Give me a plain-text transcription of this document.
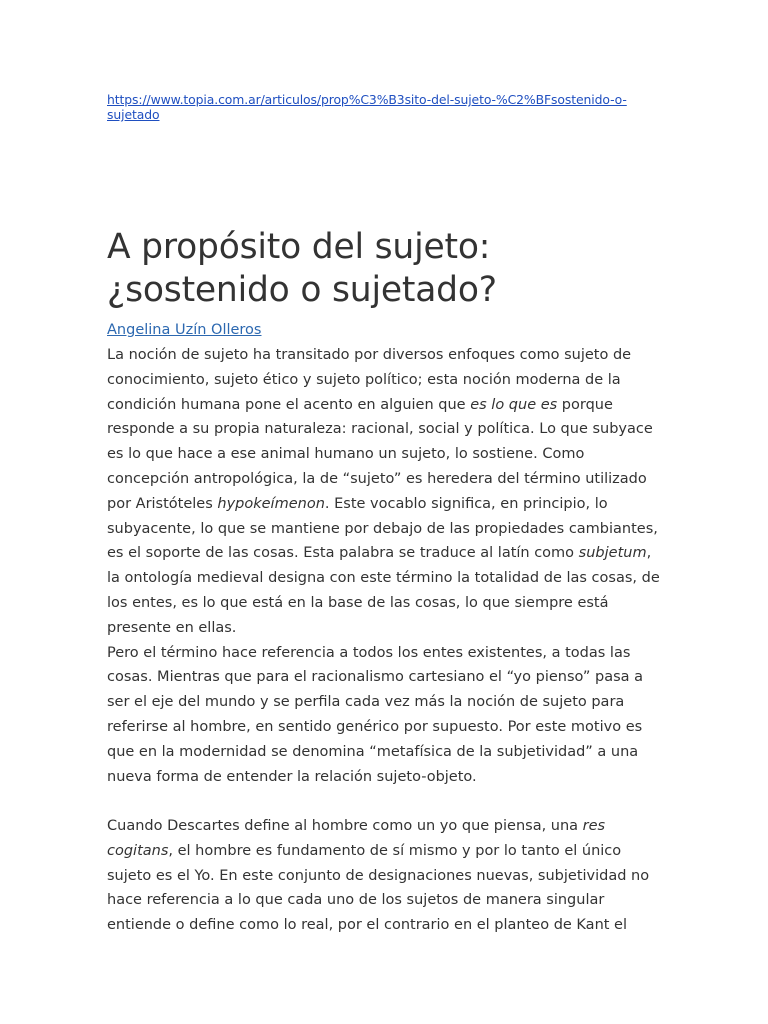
https://www.topia.com.ar/articulos/prop%C3%B3sito-del-sujeto-%C2%BFsostenido-o-
sujetado
A propósito del sujeto:
¿sostenido o sujetado?
Angelina Uzín Olleros
La noción de sujeto ha transitado por diversos enfoques como sujeto de
conocimiento, sujeto ético y sujeto político; esta noción moderna de la
condición humana pone el acento en alguien que es lo que es porque
responde a su propia naturaleza: racional, social y política. Lo que subyace
es lo que hace a ese animal humano un sujeto, lo sostiene. Como
concepción antropológica, la de “sujeto” es heredera del término utilizado
por Aristóteles hypokeímenon. Este vocablo significa, en principio, lo
subyacente, lo que se mantiene por debajo de las propiedades cambiantes,
es el soporte de las cosas. Esta palabra se traduce al latín como subjetum,
la ontología medieval designa con este término la totalidad de las cosas, de
los entes, es lo que está en la base de las cosas, lo que siempre está
presente en ellas.
Pero el término hace referencia a todos los entes existentes, a todas las
cosas. Mientras que para el racionalismo cartesiano el “yo pienso” pasa a
ser el eje del mundo y se perfila cada vez más la noción de sujeto para
referirse al hombre, en sentido genérico por supuesto. Por este motivo es
que en la modernidad se denomina “metafísica de la subjetividad” a una
nueva forma de entender la relación sujeto-objeto.
Cuando Descartes define al hombre como un yo que piensa, una res
cogitans, el hombre es fundamento de sí mismo y por lo tanto el único
sujeto es el Yo. En este conjunto de designaciones nuevas, subjetividad no
hace referencia a lo que cada uno de los sujetos de manera singular
entiende o define como lo real, por el contrario en el planteo de Kant el
